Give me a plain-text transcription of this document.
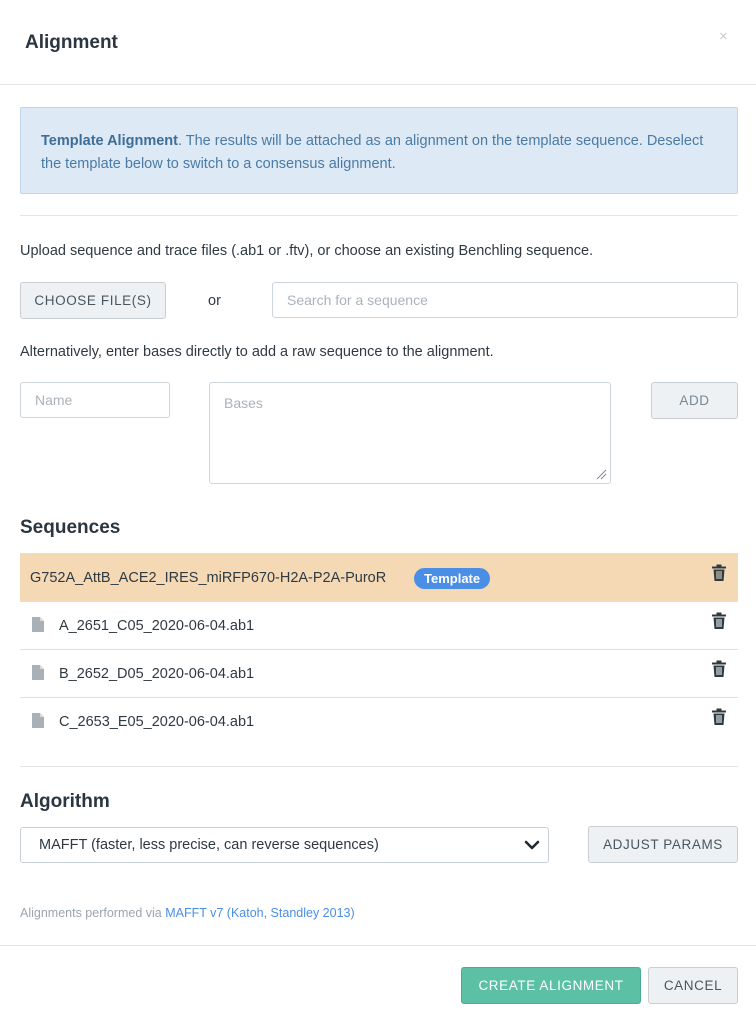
Alignment	×
Template Alignment. The results will be attached as an alignment on the template sequence. Deselect the template below to switch to a consensus alignment.
Upload sequence and trace files (.ab1 or .ftv), or choose an existing Benchling sequence.
CHOOSE FILE(S)	or	Search for a sequence
Alternatively, enter bases directly to add a raw sequence to the alignment.
Name	Bases	ADD
Sequences
G752A_AttB_ACE2_IRES_miRFP670-H2A-P2A-PuroR	Template
A_2651_C05_2020-06-04.ab1
B_2652_D05_2020-06-04.ab1
C_2653_E05_2020-06-04.ab1
Algorithm
MAFFT (faster, less precise, can reverse sequences)	ADJUST PARAMS
Alignments performed via MAFFT v7 (Katoh, Standley 2013)
CREATE ALIGNMENT	CANCEL
